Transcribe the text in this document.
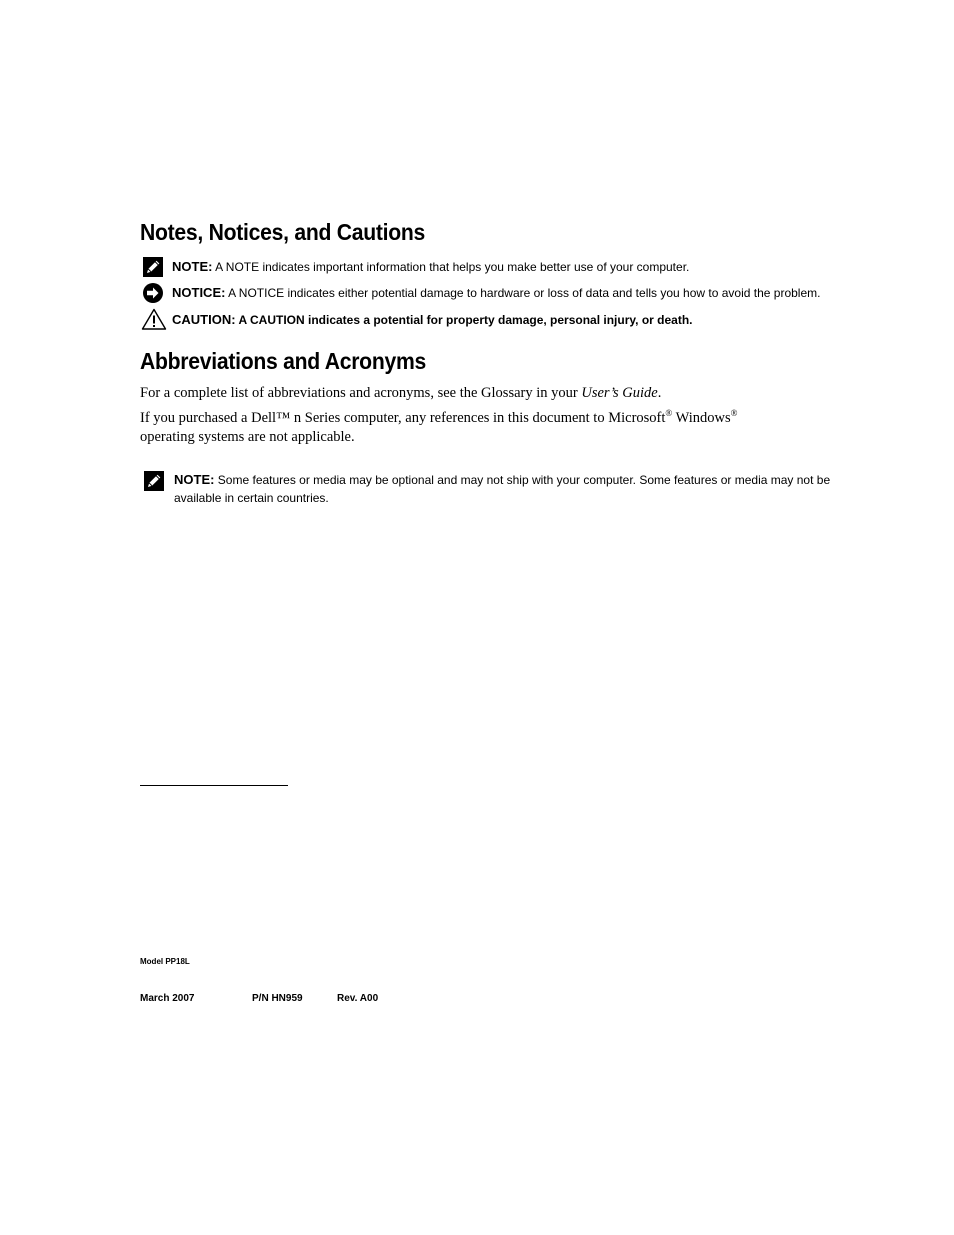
Notes, Notices, and Cautions
NOTE: A NOTE indicates important information that helps you make better use of your computer.
NOTICE: A NOTICE indicates either potential damage to hardware or loss of data and tells you how to avoid the problem.
CAUTION: A CAUTION indicates a potential for property damage, personal injury, or death.
Abbreviations and Acronyms
For a complete list of abbreviations and acronyms, see the Glossary in your User’s Guide.
If you purchased a Dell™ n Series computer, any references in this document to Microsoft® Windows®
operating systems are not applicable.
NOTE: Some features or media may be optional and may not ship with your computer. Some features or media may not be available in certain countries.
Model PP18L
March 2007	P/N HN959	Rev. A00
